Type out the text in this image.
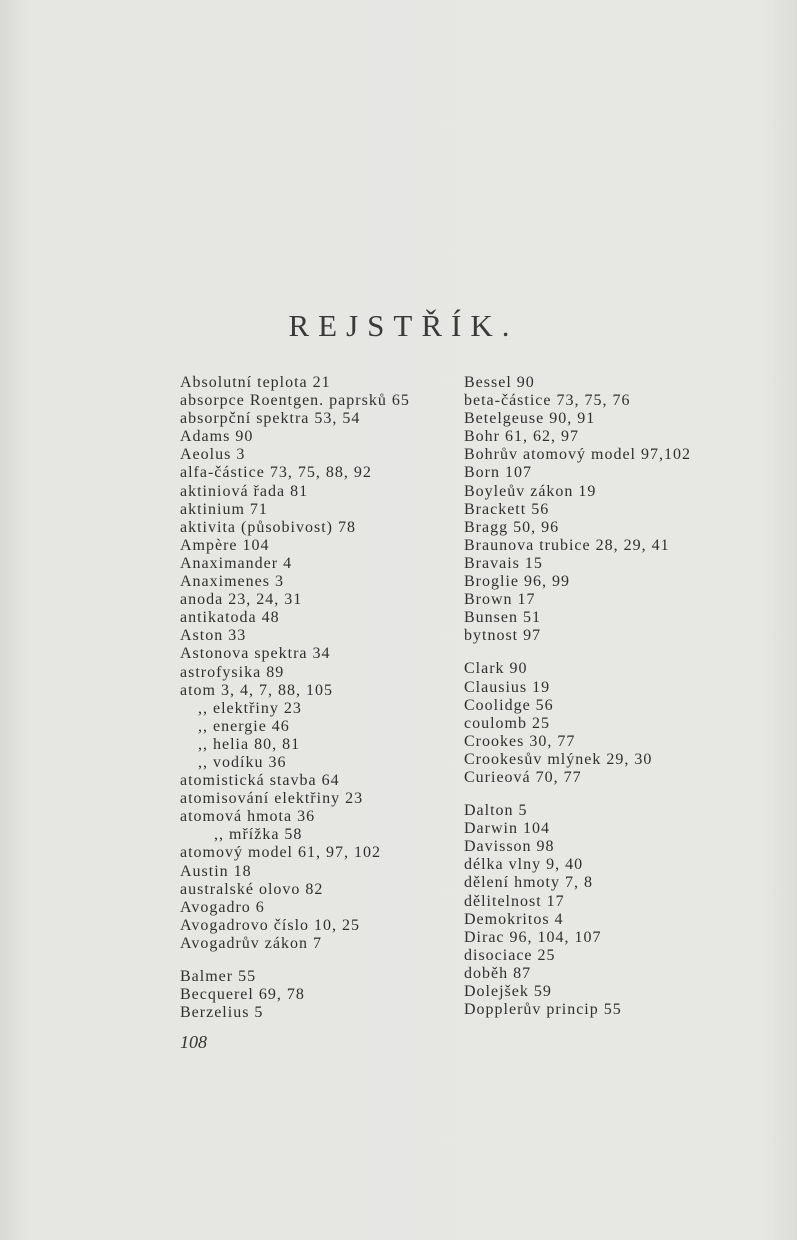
REJSTŘÍK.
Absolutní teplota 21
absorpce Roentgen. paprsků 65
absorpční spektra 53, 54
Adams 90
Aeolus 3
alfa-částice 73, 75, 88, 92
aktiniová řada 81
aktinium 71
aktivita (působivost) 78
Ampère 104
Anaximander 4
Anaximenes 3
anoda 23, 24, 31
antikatoda 48
Aston 33
Astonova spektra 34
astrofysika 89
atom 3, 4, 7, 88, 105
,, elektřiny 23
,, energie 46
,, helia 80, 81
,, vodíku 36
atomistická stavba 64
atomisování elektřiny 23
atomová hmota 36
,, mřížka 58
atomový model 61, 97, 102
Austin 18
australské olovo 82
Avogadro 6
Avogadrovo číslo 10, 25
Avogadrův zákon 7
Balmer 55
Becquerel 69, 78
Berzelius 5
Bessel 90
beta-částice 73, 75, 76
Betelgeuse 90, 91
Bohr 61, 62, 97
Bohrův atomový model 97,102
Born 107
Boyleův zákon 19
Brackett 56
Bragg 50, 96
Braunova trubice 28, 29, 41
Bravais 15
Broglie 96, 99
Brown 17
Bunsen 51
bytnost 97
Clark 90
Clausius 19
Coolidge 56
coulomb 25
Crookes 30, 77
Crookesův mlýnek 29, 30
Curieová 70, 77
Dalton 5
Darwin 104
Davisson 98
délka vlny 9, 40
dělení hmoty 7, 8
dělitelnost 17
Demokritos 4
Dirac 96, 104, 107
disociace 25
doběh 87
Dolejšek 59
Dopplerův princip 55
108
